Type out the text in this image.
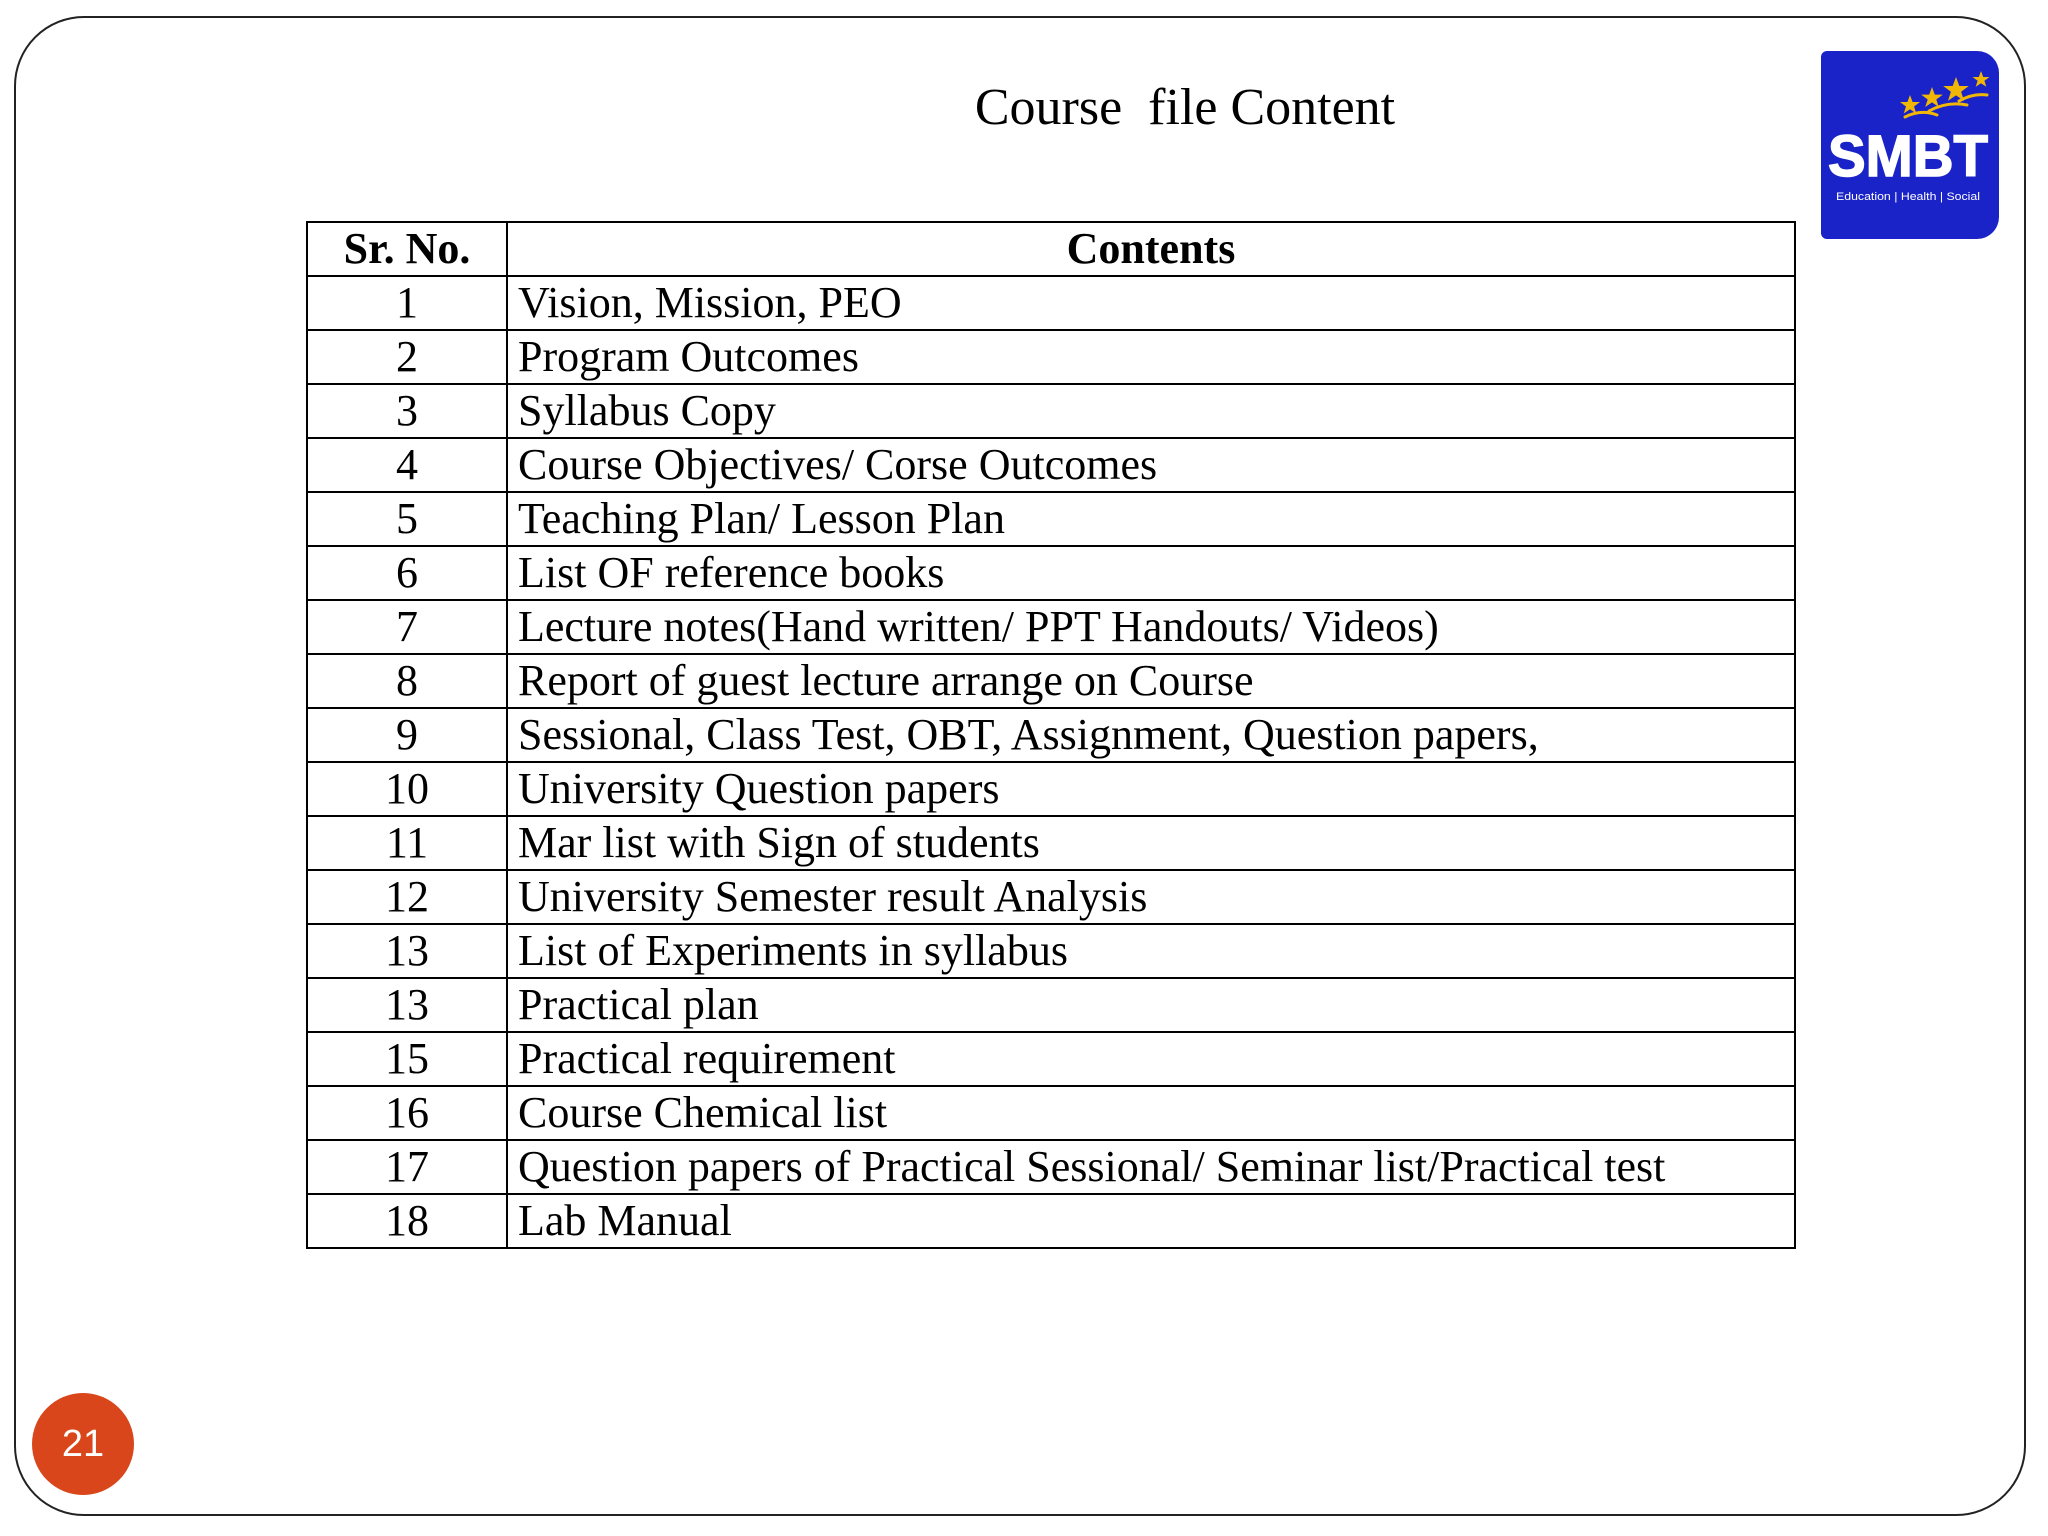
Course  file Content
SMBT
Education | Health | Social
Sr. No.	Contents
1	Vision, Mission, PEO
2	Program Outcomes
3	Syllabus Copy
4	Course Objectives/ Corse Outcomes
5	Teaching Plan/ Lesson Plan
6	List OF reference books
7	Lecture notes(Hand written/ PPT Handouts/ Videos)
8	Report of guest lecture arrange on Course
9	Sessional, Class Test, OBT, Assignment, Question papers,
10	University Question papers
11	Mar list with Sign of students
12	University Semester result Analysis
13	List of Experiments in syllabus
13	Practical plan
15	Practical requirement
16	Course Chemical list
17	Question papers of Practical Sessional/ Seminar list/Practical test
18	Lab Manual
21
